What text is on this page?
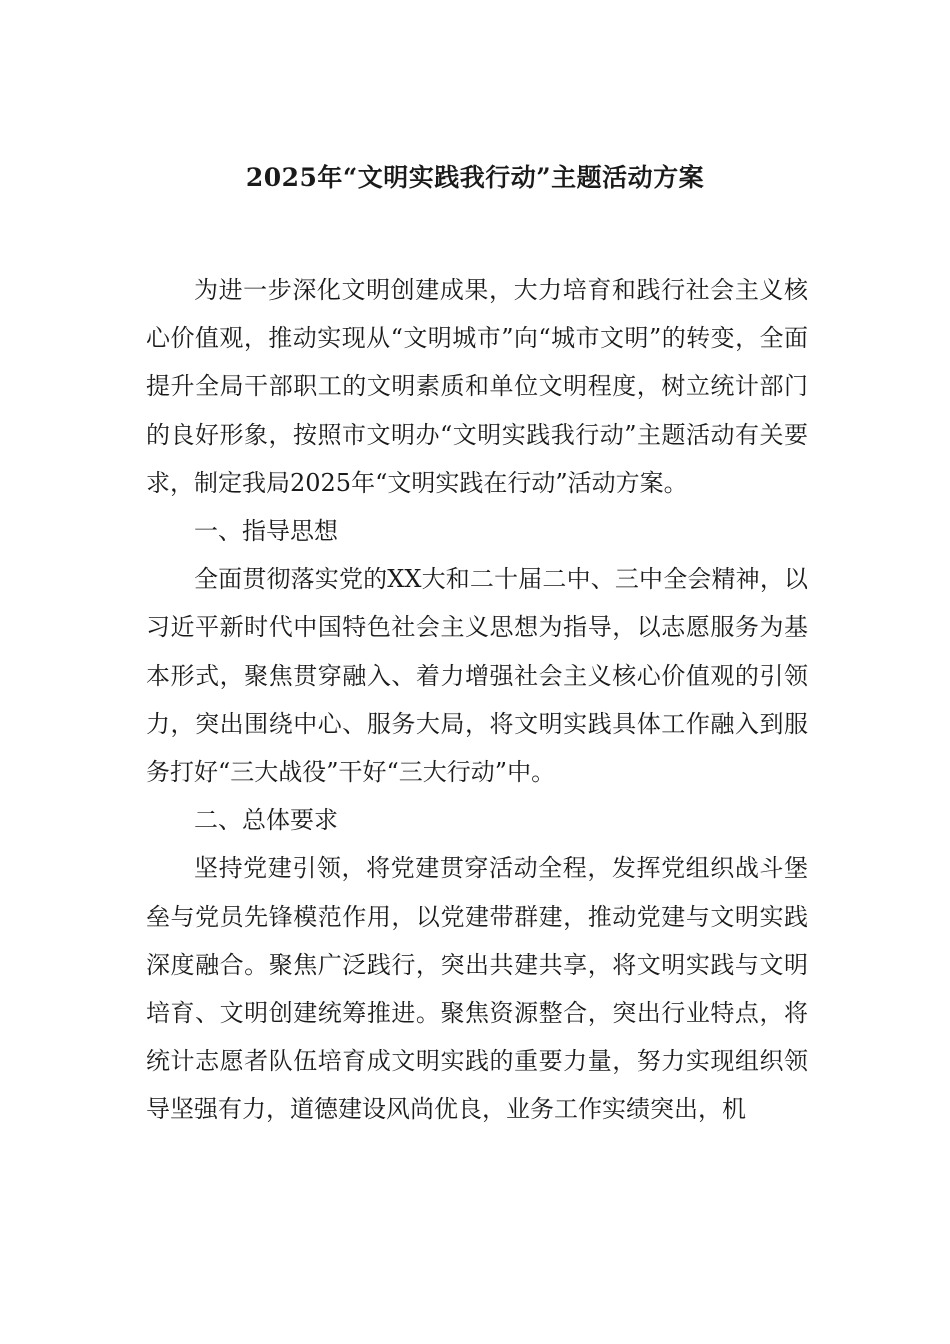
2025年“文明实践我行动”主题活动方案

为进一步深化文明创建成果，大力培育和践行社会主义核心价值观，推动实现从“文明城市”向“城市文明”的转变，全面提升全局干部职工的文明素质和单位文明程度，树立统计部门的良好形象，按照市文明办“文明实践我行动”主题活动有关要求，制定我局2025年“文明实践在行动”活动方案。

一、指导思想

全面贯彻落实党的XX大和二十届二中、三中全会精神，以习近平新时代中国特色社会主义思想为指导，以志愿服务为基本形式，聚焦贯穿融入、着力增强社会主义核心价值观的引领力，突出围绕中心、服务大局，将文明实践具体工作融入到服务打好“三大战役”干好“三大行动”中。

二、总体要求

坚持党建引领，将党建贯穿活动全程，发挥党组织战斗堡垒与党员先锋模范作用，以党建带群建，推动党建与文明实践深度融合。聚焦广泛践行，突出共建共享，将文明实践与文明培育、文明创建统筹推进。聚焦资源整合，突出行业特点，将统计志愿者队伍培育成文明实践的重要力量，努力实现组织领导坚强有力，道德建设风尚优良，业务工作实绩突出，机
